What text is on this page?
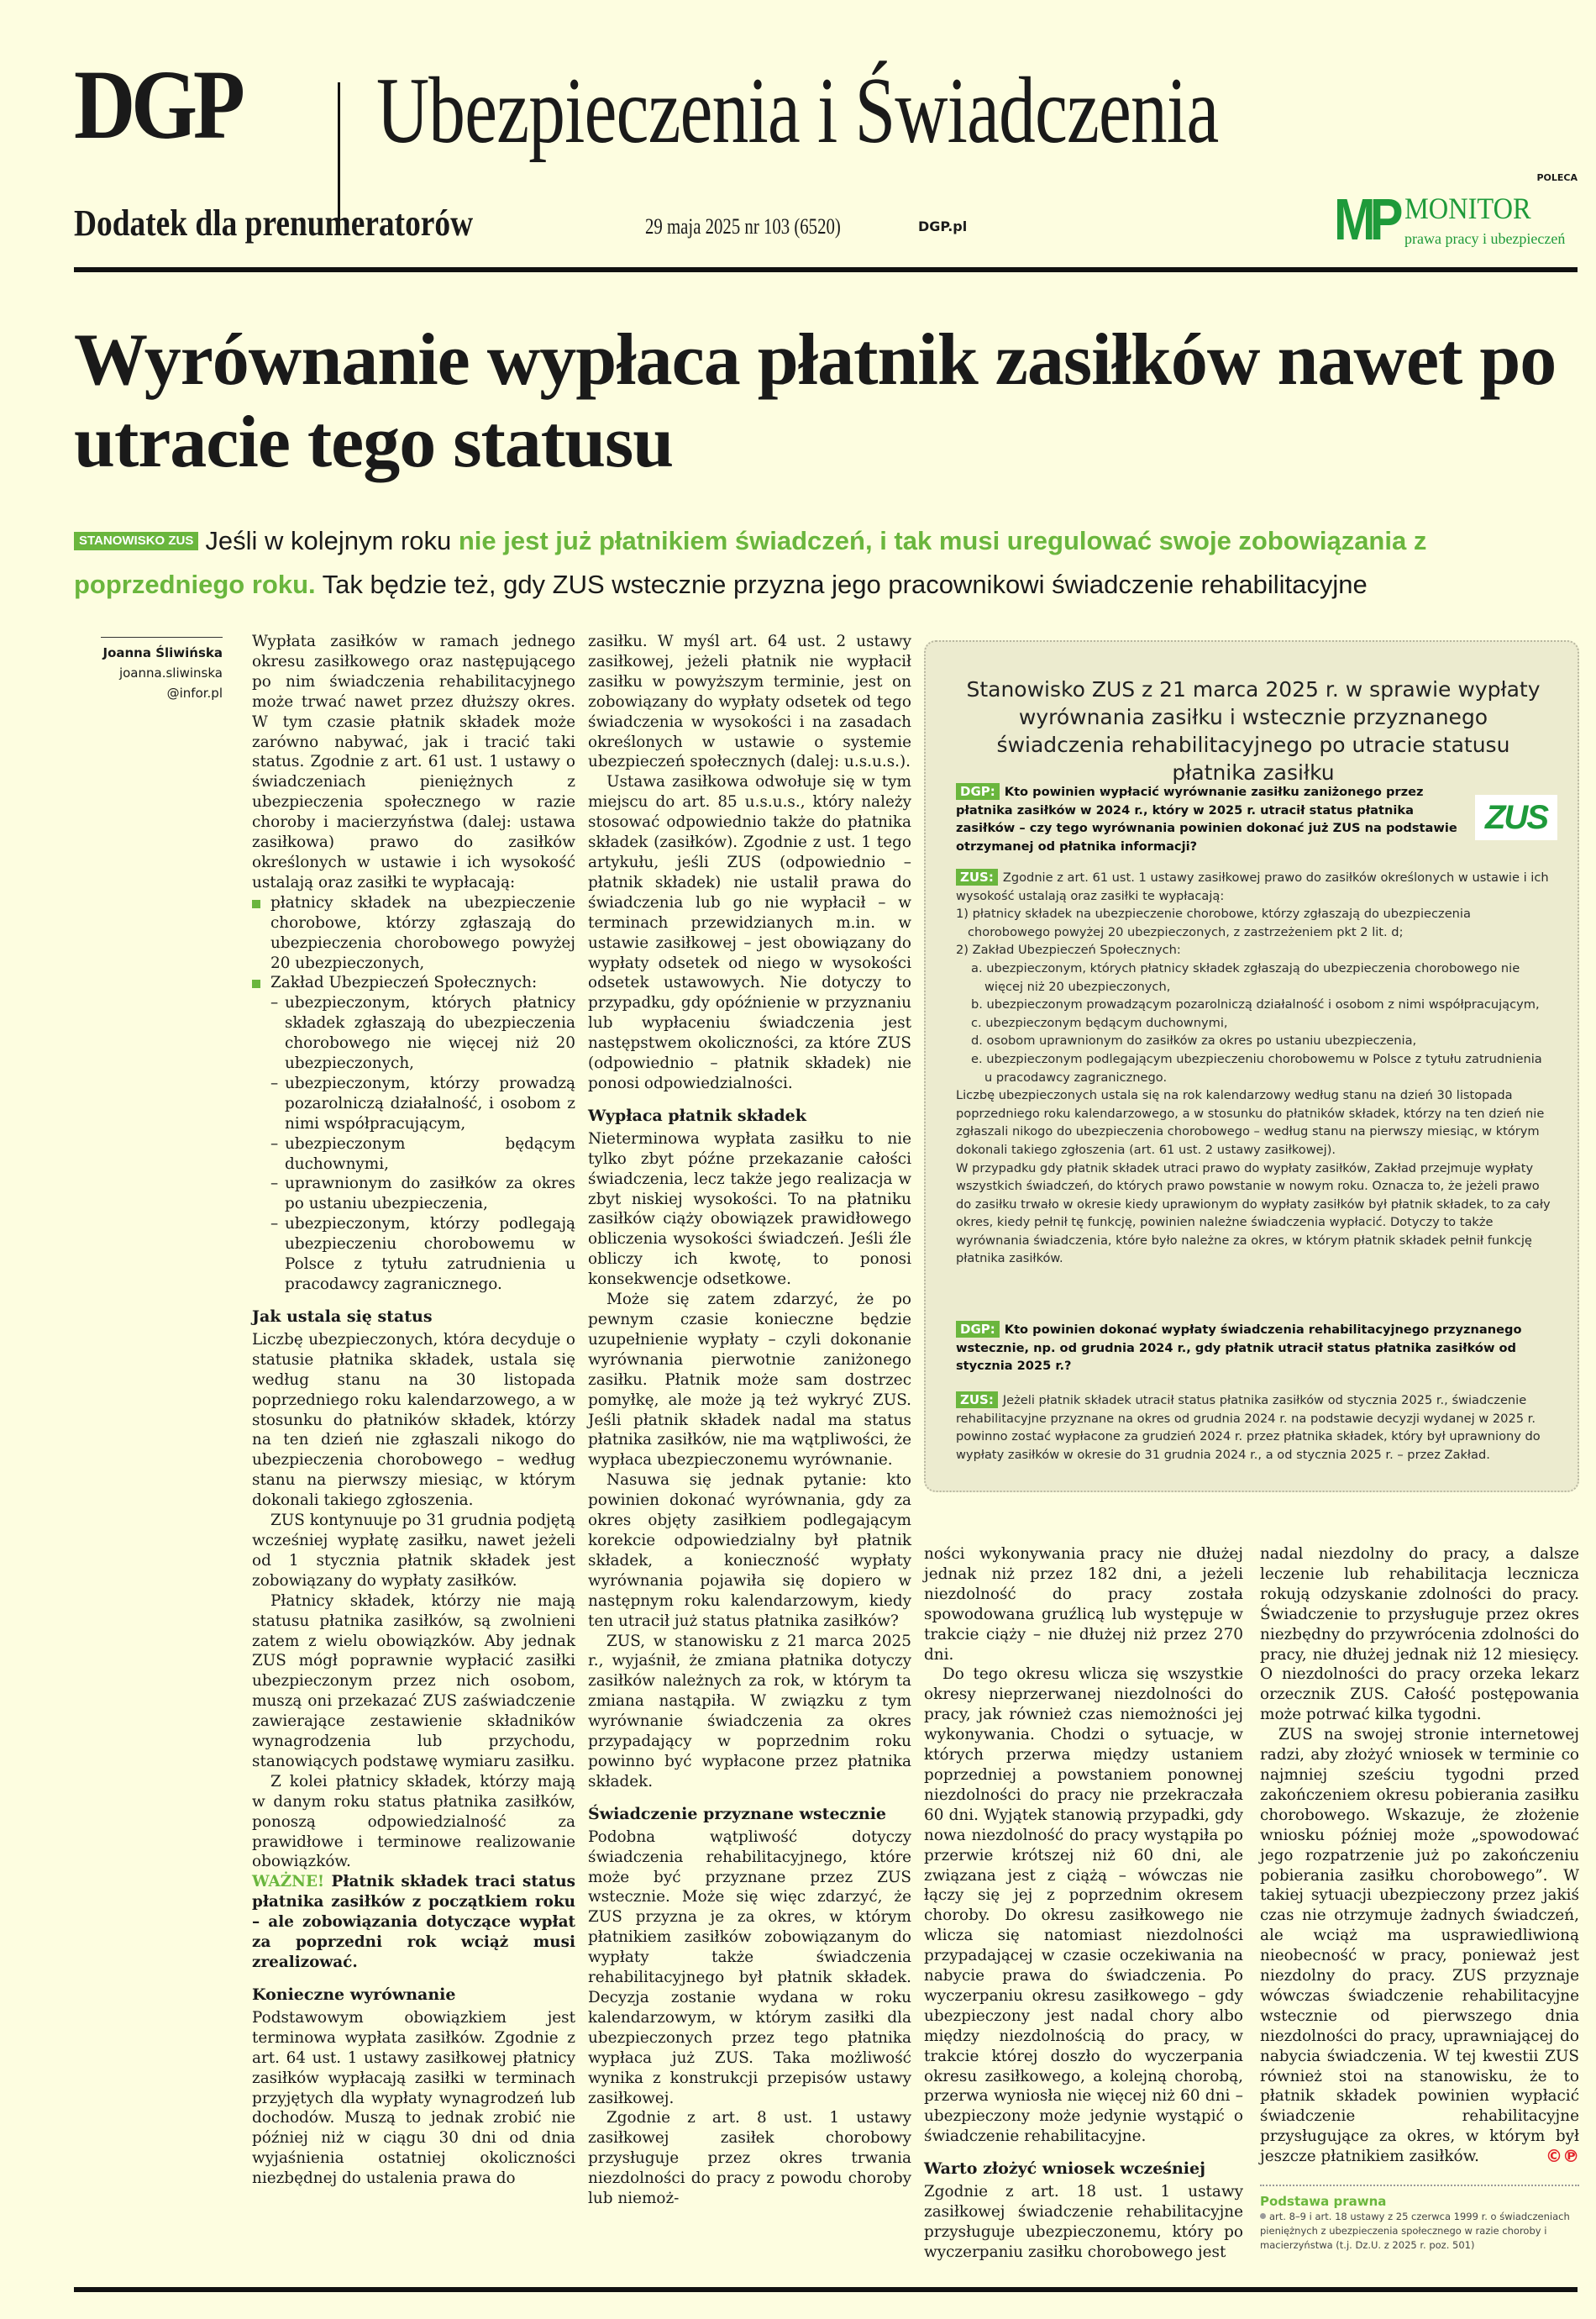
DGP Ubezpieczenia i Świadczenia
Dodatek dla prenumeratorów	29 maja 2025 nr 103 (6520)	DGP.pl
POLECA
MP MONITOR
prawa pracy i ubezpieczeń
Wyrównanie wypłaca płatnik zasiłków nawet po utracie tego statusu
STANOWISKO ZUS Jeśli w kolejnym roku nie jest już płatnikiem świadczeń, i tak musi uregulować swoje zobowiązania z poprzedniego roku. Tak będzie też, gdy ZUS wstecznie przyzna jego pracownikowi świadczenie rehabilitacyjne
Joanna Śliwińska
joanna.sliwinska
@infor.pl

Wypłata zasiłków w ramach jednego okresu zasiłkowego oraz następującego po nim świadczenia rehabilitacyjnego może trwać nawet przez dłuższy okres. W tym czasie płatnik składek może zarówno nabywać, jak i tracić taki status. Zgodnie z art. 61 ust. 1 ustawy o świadczeniach pieniężnych z ubezpieczenia społecznego w razie choroby i macierzyństwa (dalej: ustawa zasiłkowa) prawo do zasiłków określonych w ustawie i ich wysokość ustalają oraz zasiłki te wypłacają:

płatnicy składek na ubezpieczenie chorobowe, którzy zgłaszają do ubezpieczenia chorobowego powyżej 20 ubezpieczonych,
Zakład Ubezpieczeń Społecznych:
– ubezpieczonym, których płatnicy składek zgłaszają do ubezpieczenia chorobowego nie więcej niż 20 ubezpieczonych,
– ubezpieczonym, którzy prowadzą pozarolniczą działalność, i osobom z nimi współpracującym,
– ubezpieczonym będącym duchownymi,
– uprawnionym do zasiłków za okres po ustaniu ubezpieczenia,
– ubezpieczonym, którzy podlegają ubezpieczeniu chorobowemu w Polsce z tytułu zatrudnienia u pracodawcy zagranicznego.
Jak ustala się status

Liczbę ubezpieczonych, która decyduje o statusie płatnika składek, ustala się według stanu na 30 listopada poprzedniego roku kalendarzowego, a w stosunku do płatników składek, którzy na ten dzień nie zgłaszali nikogo do ubezpieczenia chorobowego – według stanu na pierwszy miesiąc, w którym dokonali takiego zgłoszenia.

ZUS kontynuuje po 31 grudnia podjętą wcześniej wypłatę zasiłku, nawet jeżeli od 1 stycznia płatnik składek jest zobowiązany do wypłaty zasiłków.

Płatnicy składek, którzy nie mają statusu płatnika zasiłków, są zwolnieni zatem z wielu obowiązków. Aby jednak ZUS mógł poprawnie wypłacić zasiłki ubezpieczonym przez nich osobom, muszą oni przekazać ZUS zaświadczenie zawierające zestawienie składników wynagrodzenia lub przychodu, stanowiących podstawę wymiaru zasiłku.

Z kolei płatnicy składek, którzy mają w danym roku status płatnika zasiłków, ponoszą odpowiedzialność za prawidłowe i terminowe realizowanie obowiązków.

WAŻNE! Płatnik składek traci status płatnika zasiłków z początkiem roku – ale zobowiązania dotyczące wypłat za poprzedni rok wciąż musi zrealizować.

Konieczne wyrównanie

Podstawowym obowiązkiem jest terminowa wypłata zasiłków. Zgodnie z art. 64 ust. 1 ustawy zasiłkowej płatnicy zasiłków wypłacają zasiłki w terminach przyjętych dla wypłaty wynagrodzeń lub dochodów. Muszą to jednak zrobić nie później niż w ciągu 30 dni od dnia wyjaśnienia ostatniej okoliczności niezbędnej do ustalenia prawa do

zasiłku. W myśl art. 64 ust. 2 ustawy zasiłkowej, jeżeli płatnik nie wypłacił zasiłku w powyższym terminie, jest on zobowiązany do wypłaty odsetek od tego świadczenia w wysokości i na zasadach określonych w ustawie o systemie ubezpieczeń społecznych (dalej: u.s.u.s.).

Ustawa zasiłkowa odwołuje się w tym miejscu do art. 85 u.s.u.s., który należy stosować odpowiednio także do płatnika składek (zasiłków). Zgodnie z ust. 1 tego artykułu, jeśli ZUS (odpowiednio – płatnik składek) nie ustalił prawa do świadczenia lub go nie wypłacił – w terminach przewidzianych m.in. w ustawie zasiłkowej – jest obowiązany do wypłaty odsetek od niego w wysokości odsetek ustawowych. Nie dotyczy to przypadku, gdy opóźnienie w przyznaniu lub wypłaceniu świadczenia jest następstwem okoliczności, za które ZUS (odpowiednio – płatnik składek) nie ponosi odpowiedzialności.

Wypłaca płatnik składek

Nieterminowa wypłata zasiłku to nie tylko zbyt późne przekazanie całości świadczenia, lecz także jego realizacja w zbyt niskiej wysokości. To na płatniku zasiłków ciąży obowiązek prawidłowego obliczenia wysokości świadczeń. Jeśli źle obliczy ich kwotę, to ponosi konsekwencje odsetkowe.

Może się zatem zdarzyć, że po pewnym czasie konieczne będzie uzupełnienie wypłaty – czyli dokonanie wyrównania pierwotnie zaniżonego zasiłku. Płatnik może sam dostrzec pomyłkę, ale może ją też wykryć ZUS. Jeśli płatnik składek nadal ma status płatnika zasiłków, nie ma wątpliwości, że wypłaca ubezpieczonemu wyrównanie.

Nasuwa się jednak pytanie: kto powinien dokonać wyrównania, gdy za okres objęty zasiłkiem podlegającym korekcie odpowiedzialny był płatnik składek, a konieczność wypłaty wyrównania pojawiła się dopiero w następnym roku kalendarzowym, kiedy ten utracił już status płatnika zasiłków?

ZUS, w stanowisku z 21 marca 2025 r., wyjaśnił, że zmiana płatnika dotyczy zasiłków należnych za rok, w którym ta zmiana nastąpiła. W związku z tym wyrównanie świadczenia za okres przypadający w poprzednim roku powinno być wypłacone przez płatnika składek.

Świadczenie przyznane wstecznie

Podobna wątpliwość dotyczy świadczenia rehabilitacyjnego, które może być przyznane przez ZUS wstecznie. Może się więc zdarzyć, że ZUS przyzna je za okres, w którym płatnikiem zasiłków zobowiązanym do wypłaty także świadczenia rehabilitacyjnego był płatnik składek. Decyzja zostanie wydana w roku kalendarzowym, w którym zasiłki dla ubezpieczonych przez tego płatnika wypłaca już ZUS. Taka możliwość wynika z konstrukcji przepisów ustawy zasiłkowej.

Zgodnie z art. 8 ust. 1 ustawy zasiłkowej zasiłek chorobowy przysługuje przez okres trwania niezdolności do pracy z powodu choroby lub niemoż-

Stanowisko ZUS z 21 marca 2025 r. w sprawie wypłaty wyrównania zasiłku i wstecznie przyznanego świadczenia rehabilitacyjnego po utracie statusu płatnika zasiłku
ZUS
DGP: Kto powinien wypłacić wyrównanie zasiłku zaniżonego przez płatnika zasiłków w 2024 r., który w 2025 r. utracił status płatnika zasiłków – czy tego wyrównania powinien dokonać już ZUS na podstawie otrzymanej od płatnika informacji?
ZUS: Zgodnie z art. 61 ust. 1 ustawy zasiłkowej prawo do zasiłków określonych w ustawie i ich wysokość ustalają oraz zasiłki te wypłacają:
1) płatnicy składek na ubezpieczenie chorobowe, którzy zgłaszają do ubezpieczenia chorobowego powyżej 20 ubezpieczonych, z zastrzeżeniem pkt 2 lit. d;
2) Zakład Ubezpieczeń Społecznych:
a. ubezpieczonym, których płatnicy składek zgłaszają do ubezpieczenia chorobowego nie więcej niż 20 ubezpieczonych,
b. ubezpieczonym prowadzącym pozarolniczą działalność i osobom z nimi współpracującym,
c. ubezpieczonym będącym duchownymi,
d. osobom uprawnionym do zasiłków za okres po ustaniu ubezpieczenia,
e. ubezpieczonym podlegającym ubezpieczeniu chorobowemu w Polsce z tytułu zatrudnienia u pracodawcy zagranicznego.
Liczbę ubezpieczonych ustala się na rok kalendarzowy według stanu na dzień 30 listopada poprzedniego roku kalendarzowego, a w stosunku do płatników składek, którzy na ten dzień nie zgłaszali nikogo do ubezpieczenia chorobowego – według stanu na pierwszy miesiąc, w którym dokonali takiego zgłoszenia (art. 61 ust. 2 ustawy zasiłkowej).
W przypadku gdy płatnik składek utraci prawo do wypłaty zasiłków, Zakład przejmuje wypłaty wszystkich świadczeń, do których prawo powstanie w nowym roku. Oznacza to, że jeżeli prawo do zasiłku trwało w okresie kiedy uprawionym do wypłaty zasiłków był płatnik składek, to za cały okres, kiedy pełnił tę funkcję, powinien należne świadczenia wypłacić. Dotyczy to także wyrównania świadczenia, które było należne za okres, w którym płatnik składek pełnił funkcję płatnika zasiłków.
DGP: Kto powinien dokonać wypłaty świadczenia rehabilitacyjnego przyznanego wstecznie, np. od grudnia 2024 r., gdy płatnik utracił status płatnika zasiłków od stycznia 2025 r.?
ZUS: Jeżeli płatnik składek utracił status płatnika zasiłków od stycznia 2025 r., świadczenie rehabilitacyjne przyznane na okres od grudnia 2024 r. na podstawie decyzji wydanej w 2025 r. powinno zostać wypłacone za grudzień 2024 r. przez płatnika składek, który był uprawniony do wypłaty zasiłków w okresie do 31 grudnia 2024 r., a od stycznia 2025 r. – przez Zakład.

ności wykonywania pracy nie dłużej jednak niż przez 182 dni, a jeżeli niezdolność do pracy została spowodowana gruźlicą lub występuje w trakcie ciąży – nie dłużej niż przez 270 dni.

Do tego okresu wlicza się wszystkie okresy nieprzerwanej niezdolności do pracy, jak również czas niemożności jej wykonywania. Chodzi o sytuacje, w których przerwa między ustaniem poprzedniej a powstaniem ponownej niezdolności do pracy nie przekraczała 60 dni. Wyjątek stanowią przypadki, gdy nowa niezdolność do pracy wystąpiła po przerwie krótszej niż 60 dni, ale związana jest z ciążą – wówczas nie łączy się jej z poprzednim okresem choroby. Do okresu zasiłkowego nie wlicza się natomiast niezdolności przypadającej w czasie oczekiwania na nabycie prawa do świadczenia. Po wyczerpaniu okresu zasiłkowego – gdy ubezpieczony jest nadal chory albo między niezdolnością do pracy, w trakcie której doszło do wyczerpania okresu zasiłkowego, a kolejną chorobą, przerwa wyniosła nie więcej niż 60 dni – ubezpieczony może jedynie wystąpić o świadczenie rehabilitacyjne.

Warto złożyć wniosek wcześniej

Zgodnie z art. 18 ust. 1 ustawy zasiłkowej świadczenie rehabilitacyjne przysługuje ubezpieczonemu, który po wyczerpaniu zasiłku chorobowego jest

nadal niezdolny do pracy, a dalsze leczenie lub rehabilitacja lecznicza rokują odzyskanie zdolności do pracy. Świadczenie to przysługuje przez okres niezbędny do przywrócenia zdolności do pracy, nie dłużej jednak niż 12 miesięcy. O niezdolności do pracy orzeka lekarz orzecznik ZUS. Całość postępowania może potrwać kilka tygodni.

ZUS na swojej stronie internetowej radzi, aby złożyć wniosek w terminie co najmniej sześciu tygodni przed zakończeniem okresu pobierania zasiłku chorobowego. Wskazuje, że złożenie wniosku później może „spowodować jego rozpatrzenie już po zakończeniu pobierania zasiłku chorobowego”. W takiej sytuacji ubezpieczony przez jakiś czas nie otrzymuje żadnych świadczeń, ale wciąż ma usprawiedliwioną nieobecność w pracy, ponieważ jest niezdolny do pracy. ZUS przyznaje wówczas świadczenie rehabilitacyjne wstecznie od pierwszego dnia niezdolności do pracy, uprawniającej do nabycia świadczenia. W tej kwestii ZUS również stoi na stanowisku, że to płatnik składek powinien wypłacić świadczenie rehabilitacyjne przysługujące za okres, w którym był jeszcze płatnikiem zasiłków.	©℗

Podstawa prawna
art. 8–9 i art. 18 ustawy z 25 czerwca 1999 r. o świadczeniach pieniężnych z ubezpieczenia społecznego w razie choroby i macierzyństwa (t.j. Dz.U. z 2025 r. poz. 501)
